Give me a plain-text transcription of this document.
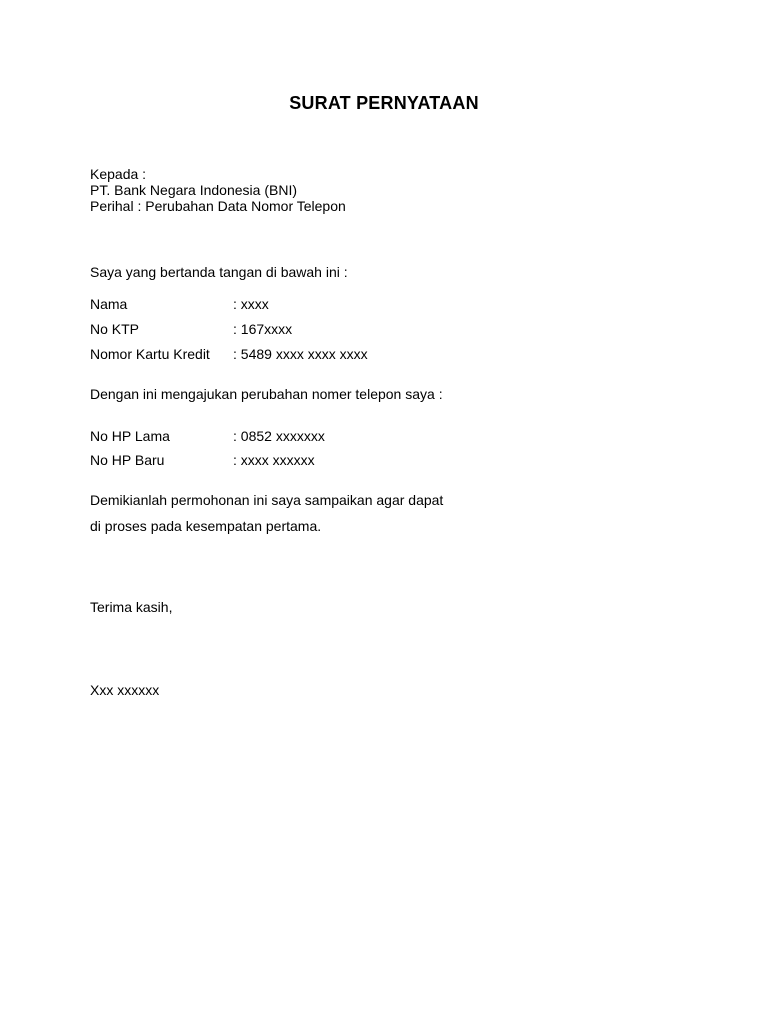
SURAT PERNYATAAN
Kepada :
PT. Bank Negara Indonesia (BNI)
Perihal : Perubahan Data Nomor Telepon
Saya yang bertanda tangan di bawah ini :
Nama	: xxxx
No KTP	: 167xxxx
Nomor Kartu Kredit : 5489 xxxx xxxx xxxx
Dengan ini mengajukan perubahan nomer telepon saya :
No HP Lama	: 0852 xxxxxxx
No HP Baru	: xxxx xxxxxx
Demikianlah permohonan ini saya sampaikan agar dapat
di proses pada kesempatan pertama.
Terima kasih,
Xxx xxxxxx
